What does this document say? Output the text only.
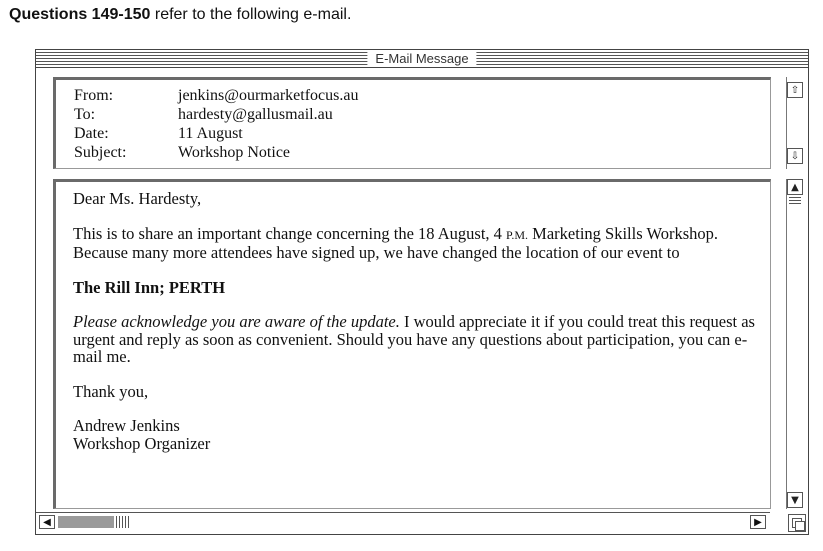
Questions 149-150 refer to the following e-mail.
E-Mail Message
From:	jenkins@ourmarketfocus.au
To:	hardesty@gallusmail.au
Date:	11 August
Subject:	Workshop Notice
⇧
⇩

Dear Ms. Hardesty,

This is to share an important change concerning the 18 August, 4 P.M. Marketing Skills Workshop. Because many more attendees have signed up, we have changed the location of our event to

The Rill Inn; PERTH

Please acknowledge you are aware of the update. I would appreciate it if you could treat this request as urgent and reply as soon as convenient. Should you have any questions about participation, you can e-mail me.

Thank you,

Andrew Jenkins
Workshop Organizer
▲
▼
◀	▶
